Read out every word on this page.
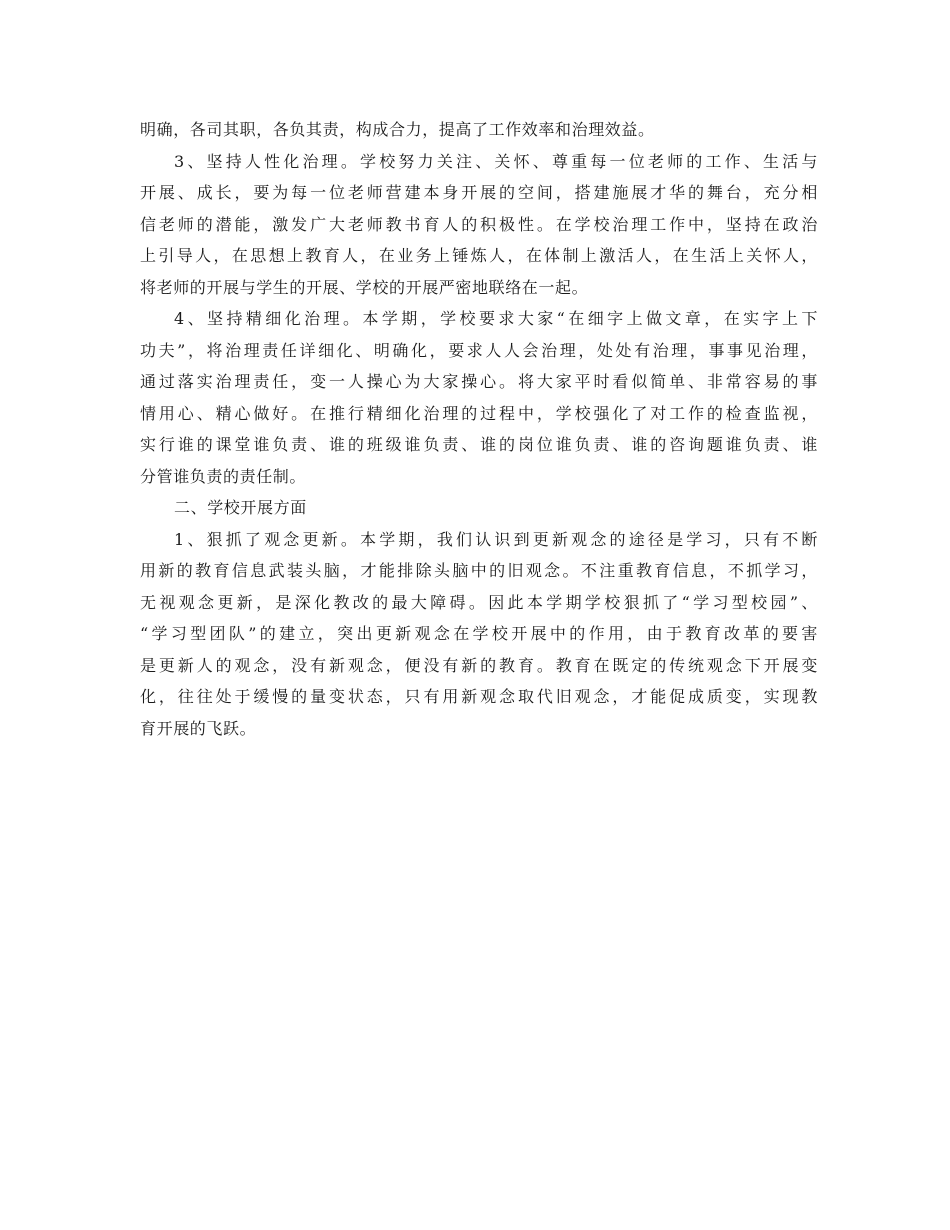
明确，各司其职，各负其责，构成合力，提高了工作效率和治理效益。
3、坚持人性化治理。学校努力关注、关怀、尊重每一位老师的工作、生活与
开展、成长，要为每一位老师营建本身开展的空间，搭建施展才华的舞台，充分相
信老师的潜能，激发广大老师教书育人的积极性。在学校治理工作中，坚持在政治
上引导人，在思想上教育人，在业务上锤炼人，在体制上激活人，在生活上关怀人，
将老师的开展与学生的开展、学校的开展严密地联络在一起。
4、坚持精细化治理。本学期，学校要求大家“在细字上做文章，在实字上下
功夫”，将治理责任详细化、明确化，要求人人会治理，处处有治理，事事见治理，
通过落实治理责任，变一人操心为大家操心。将大家平时看似简单、非常容易的事
情用心、精心做好。在推行精细化治理的过程中，学校强化了对工作的检查监视，
实行谁的课堂谁负责、谁的班级谁负责、谁的岗位谁负责、谁的咨询题谁负责、谁
分管谁负责的责任制。
二、学校开展方面
1、狠抓了观念更新。本学期，我们认识到更新观念的途径是学习，只有不断
用新的教育信息武装头脑，才能排除头脑中的旧观念。不注重教育信息，不抓学习，
无视观念更新，是深化教改的最大障碍。因此本学期学校狠抓了“学习型校园”、
“学习型团队”的建立，突出更新观念在学校开展中的作用，由于教育改革的要害
是更新人的观念，没有新观念，便没有新的教育。教育在既定的传统观念下开展变
化，往往处于缓慢的量变状态，只有用新观念取代旧观念，才能促成质变，实现教
育开展的飞跃。
